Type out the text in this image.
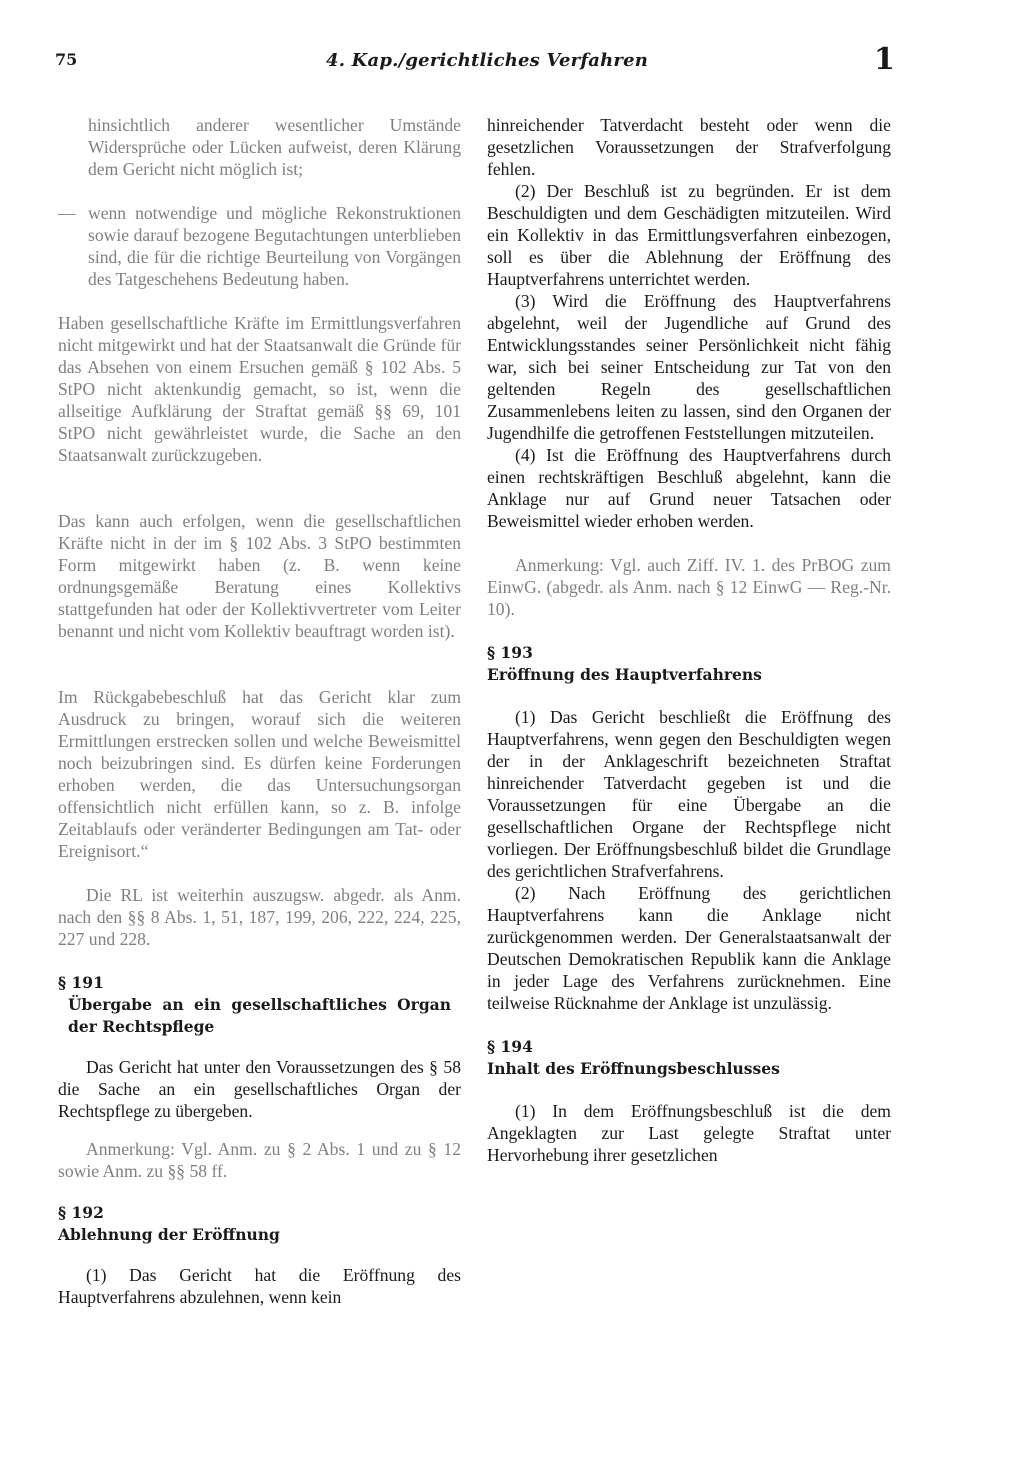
75	4. Kap./gerichtliches Verfahren	1

hinsichtlich anderer wesentlicher Umstände Widersprüche oder Lücken aufweist, deren Klärung dem Gericht nicht möglich ist;

— wenn notwendige und mögliche Rekonstruktionen sowie darauf bezogene Begutachtungen unterblieben sind, die für die richtige Beurteilung von Vorgängen des Tatgeschehens Bedeutung haben.

Haben gesellschaftliche Kräfte im Ermittlungsverfahren nicht mitgewirkt und hat der Staatsanwalt die Gründe für das Absehen von einem Ersuchen gemäß § 102 Abs. 5 StPO nicht aktenkundig gemacht, so ist, wenn die allseitige Aufklärung der Straftat gemäß §§ 69, 101 StPO nicht gewährleistet wurde, die Sache an den Staatsanwalt zurückzugeben.

Das kann auch erfolgen, wenn die gesellschaftlichen Kräfte nicht in der im § 102 Abs. 3 StPO bestimmten Form mitgewirkt haben (z. B. wenn keine ordnungsgemäße Beratung eines Kollektivs stattgefunden hat oder der Kollektivvertreter vom Leiter benannt und nicht vom Kollektiv beauftragt worden ist).

Im Rückgabebeschluß hat das Gericht klar zum Ausdruck zu bringen, worauf sich die weiteren Ermittlungen erstrecken sollen und welche Beweismittel noch beizubringen sind. Es dürfen keine Forderungen erhoben werden, die das Untersuchungsorgan offensichtlich nicht erfüllen kann, so z. B. infolge Zeitablaufs oder veränderter Bedingungen am Tat- oder Ereignisort.“

Die RL ist weiterhin auszugsw. abgedr. als Anm. nach den §§ 8 Abs. 1, 51, 187, 199, 206, 222, 224, 225, 227 und 228.

§ 191

Übergabe an ein gesellschaftliches Organ der Rechtspflege

Das Gericht hat unter den Voraussetzungen des § 58 die Sache an ein gesellschaftliches Organ der Rechtspflege zu übergeben.

Anmerkung: Vgl. Anm. zu § 2 Abs. 1 und zu § 12 sowie Anm. zu §§ 58 ff.

§ 192

Ablehnung der Eröffnung

(1) Das Gericht hat die Eröffnung des Hauptverfahrens abzulehnen, wenn kein

hinreichender Tatverdacht besteht oder wenn die gesetzlichen Voraussetzungen der Strafverfolgung fehlen.

(2) Der Beschluß ist zu begründen. Er ist dem Beschuldigten und dem Geschädigten mitzuteilen. Wird ein Kollektiv in das Ermittlungsverfahren einbezogen, soll es über die Ablehnung der Eröffnung des Hauptverfahrens unterrichtet werden.

(3) Wird die Eröffnung des Hauptverfahrens abgelehnt, weil der Jugendliche auf Grund des Entwicklungsstandes seiner Persönlichkeit nicht fähig war, sich bei seiner Entscheidung zur Tat von den geltenden Regeln des gesellschaftlichen Zusammenlebens leiten zu lassen, sind den Organen der Jugendhilfe die getroffenen Feststellungen mitzuteilen.

(4) Ist die Eröffnung des Hauptverfahrens durch einen rechtskräftigen Beschluß abgelehnt, kann die Anklage nur auf Grund neuer Tatsachen oder Beweismittel wieder erhoben werden.

Anmerkung: Vgl. auch Ziff. IV. 1. des PrBOG zum EinwG. (abgedr. als Anm. nach § 12 EinwG — Reg.-Nr. 10).

§ 193

Eröffnung des Hauptverfahrens

(1) Das Gericht beschließt die Eröffnung des Hauptverfahrens, wenn gegen den Beschuldigten wegen der in der Anklageschrift bezeichneten Straftat hinreichender Tatverdacht gegeben ist und die Voraussetzungen für eine Übergabe an die gesellschaftlichen Organe der Rechtspflege nicht vorliegen. Der Eröffnungsbeschluß bildet die Grundlage des gerichtlichen Strafverfahrens.

(2) Nach Eröffnung des gerichtlichen Hauptverfahrens kann die Anklage nicht zurückgenommen werden. Der Generalstaatsanwalt der Deutschen Demokratischen Republik kann die Anklage in jeder Lage des Verfahrens zurücknehmen. Eine teilweise Rücknahme der Anklage ist unzulässig.

§ 194

Inhalt des Eröffnungsbeschlusses

(1) In dem Eröffnungsbeschluß ist die dem Angeklagten zur Last gelegte Straftat unter Hervorhebung ihrer gesetzlichen
